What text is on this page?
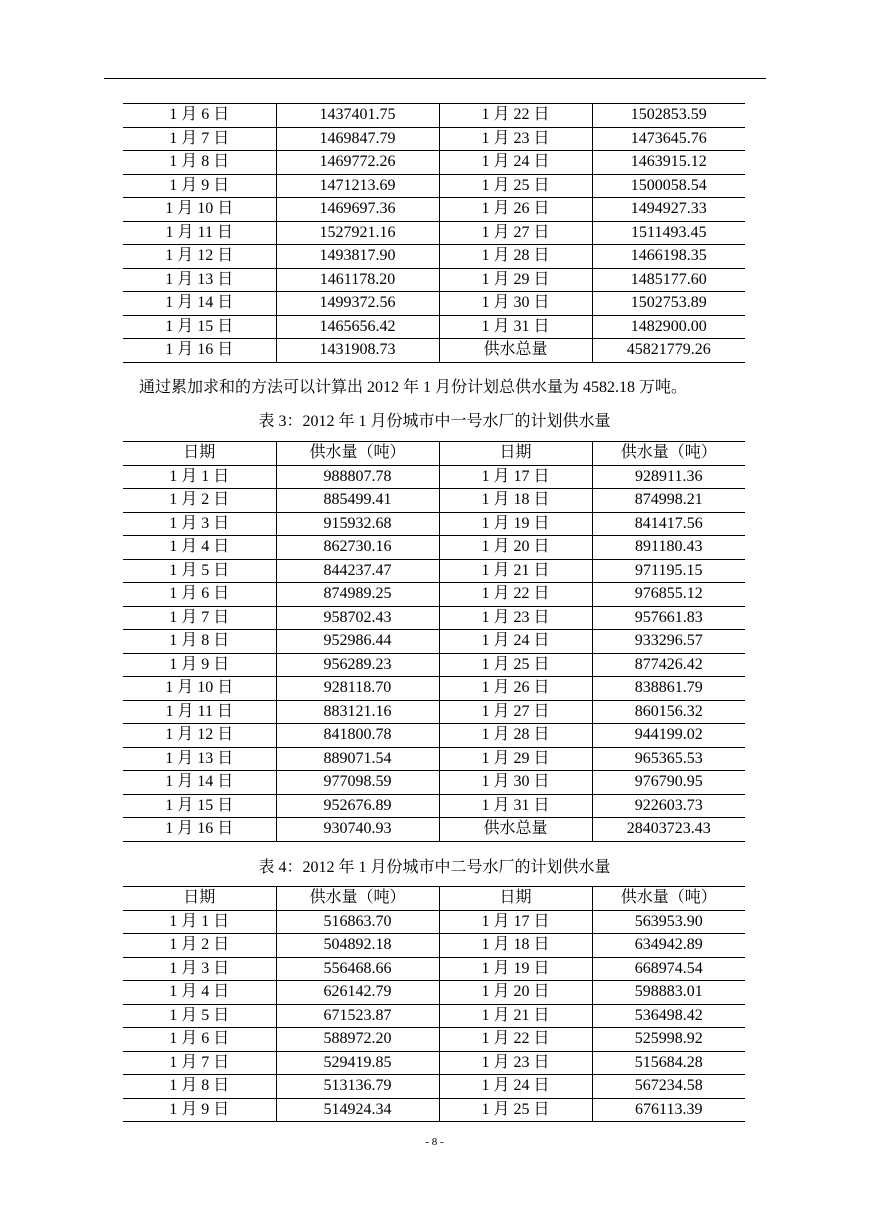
1 月 6 日	1437401.75	1 月 22 日	1502853.59
1 月 7 日	1469847.79	1 月 23 日	1473645.76
1 月 8 日	1469772.26	1 月 24 日	1463915.12
1 月 9 日	1471213.69	1 月 25 日	1500058.54
1 月 10 日	1469697.36	1 月 26 日	1494927.33
1 月 11 日	1527921.16	1 月 27 日	1511493.45
1 月 12 日	1493817.90	1 月 28 日	1466198.35
1 月 13 日	1461178.20	1 月 29 日	1485177.60
1 月 14 日	1499372.56	1 月 30 日	1502753.89
1 月 15 日	1465656.42	1 月 31 日	1482900.00
1 月 16 日	1431908.73	供水总量	45821779.26
通过累加求和的方法可以计算出 2012 年 1 月份计划总供水量为 4582.18 万吨。
表 3：2012 年 1 月份城市中一号水厂的计划供水量
日期	供水量（吨）	日期	供水量（吨）
1 月 1 日	988807.78	1 月 17 日	928911.36
1 月 2 日	885499.41	1 月 18 日	874998.21
1 月 3 日	915932.68	1 月 19 日	841417.56
1 月 4 日	862730.16	1 月 20 日	891180.43
1 月 5 日	844237.47	1 月 21 日	971195.15
1 月 6 日	874989.25	1 月 22 日	976855.12
1 月 7 日	958702.43	1 月 23 日	957661.83
1 月 8 日	952986.44	1 月 24 日	933296.57
1 月 9 日	956289.23	1 月 25 日	877426.42
1 月 10 日	928118.70	1 月 26 日	838861.79
1 月 11 日	883121.16	1 月 27 日	860156.32
1 月 12 日	841800.78	1 月 28 日	944199.02
1 月 13 日	889071.54	1 月 29 日	965365.53
1 月 14 日	977098.59	1 月 30 日	976790.95
1 月 15 日	952676.89	1 月 31 日	922603.73
1 月 16 日	930740.93	供水总量	28403723.43
表 4：2012 年 1 月份城市中二号水厂的计划供水量
日期	供水量（吨）	日期	供水量（吨）
1 月 1 日	516863.70	1 月 17 日	563953.90
1 月 2 日	504892.18	1 月 18 日	634942.89
1 月 3 日	556468.66	1 月 19 日	668974.54
1 月 4 日	626142.79	1 月 20 日	598883.01
1 月 5 日	671523.87	1 月 21 日	536498.42
1 月 6 日	588972.20	1 月 22 日	525998.92
1 月 7 日	529419.85	1 月 23 日	515684.28
1 月 8 日	513136.79	1 月 24 日	567234.58
1 月 9 日	514924.34	1 月 25 日	676113.39
- 8 -
